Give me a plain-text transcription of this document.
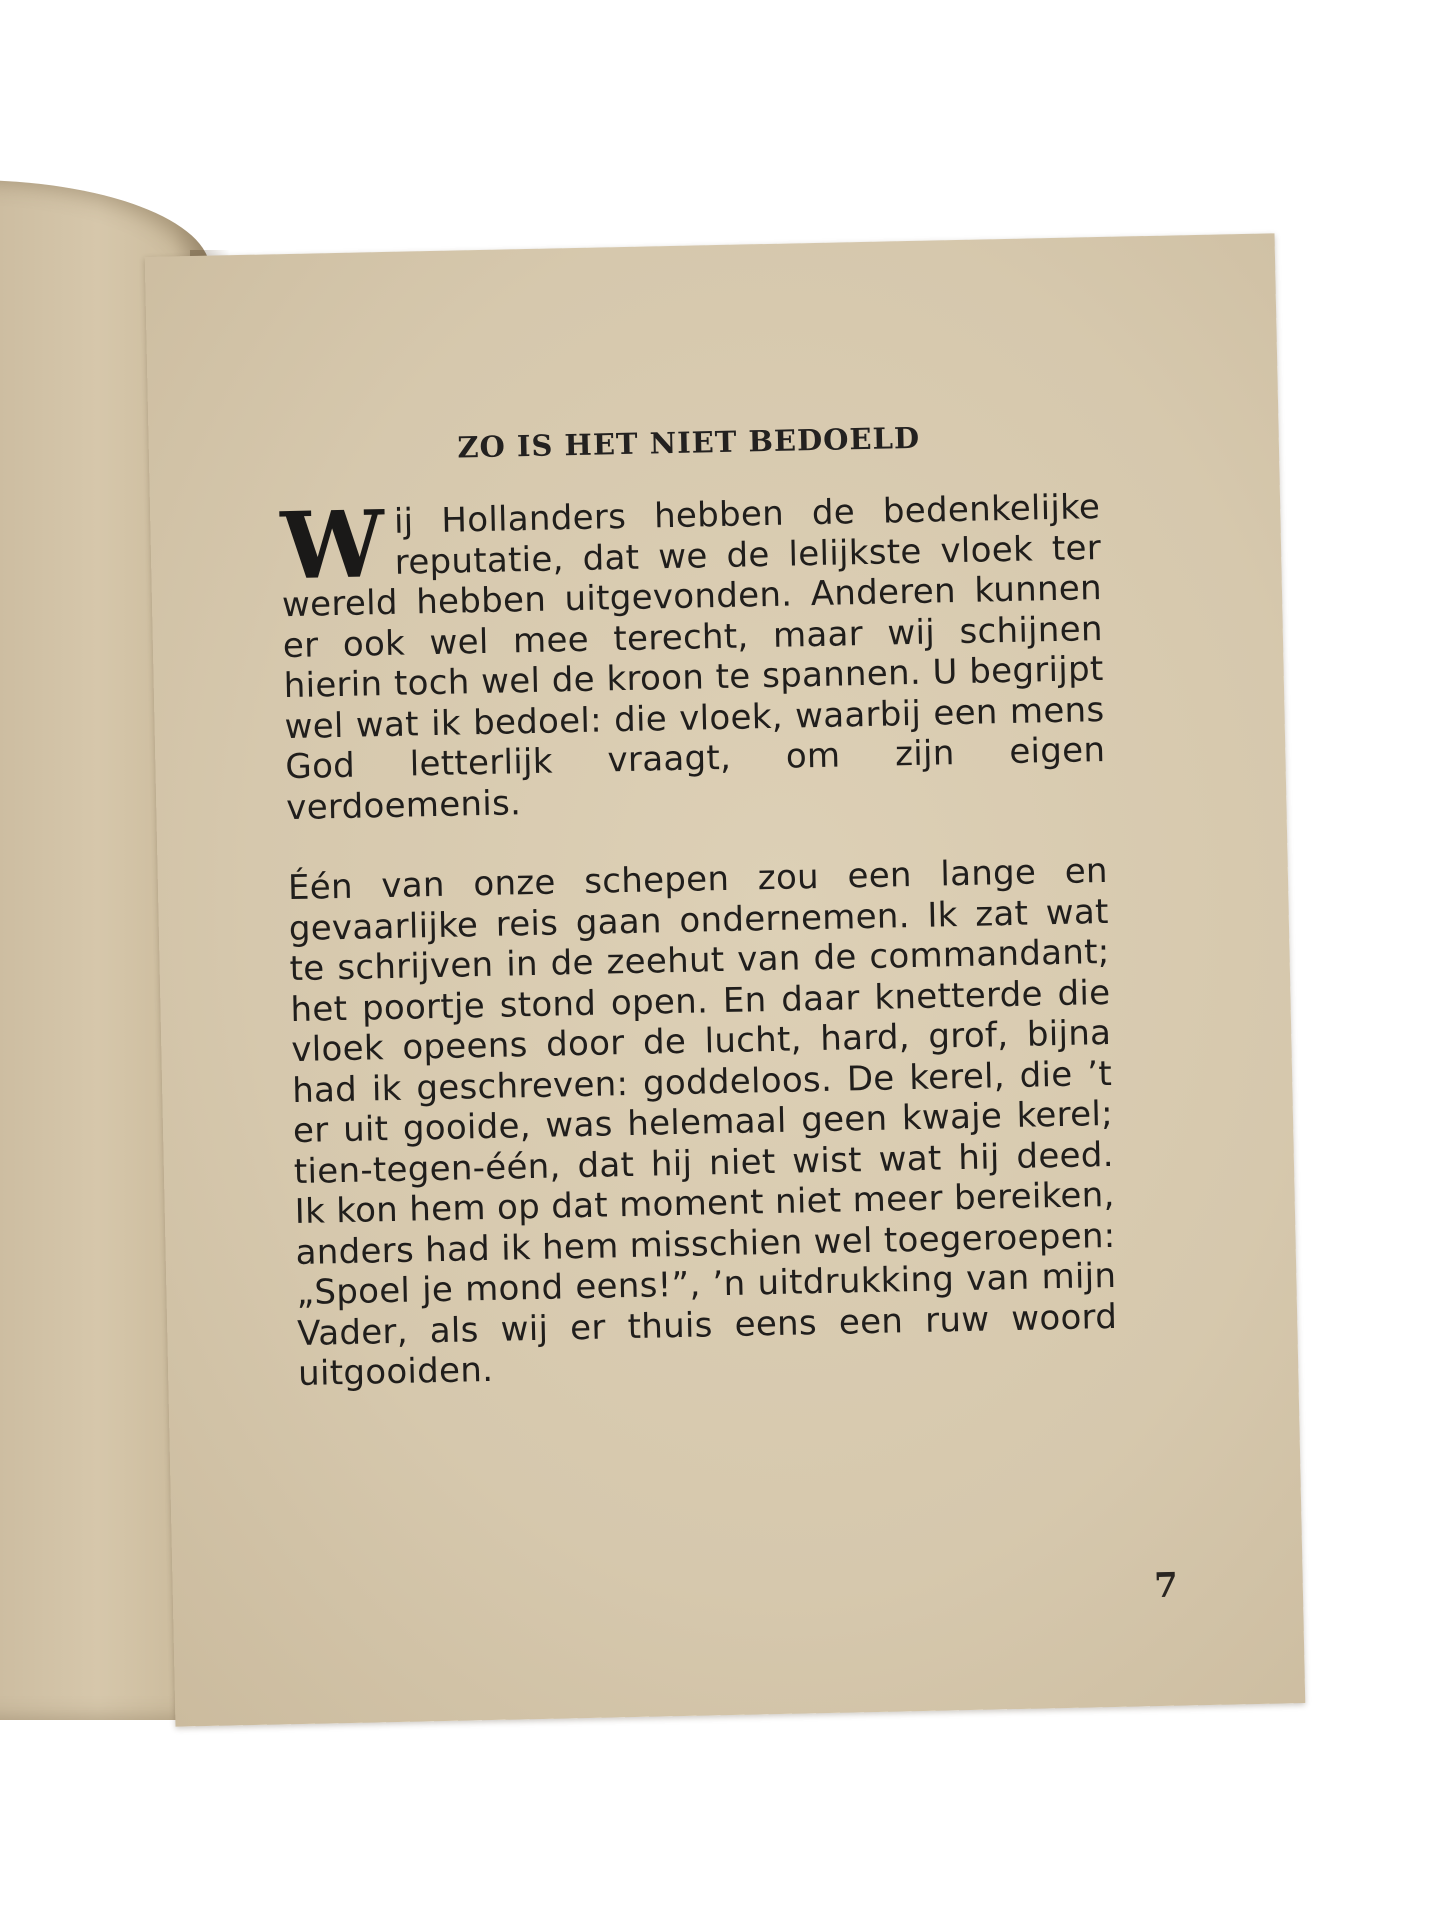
ZO IS HET NIET BEDOELD

Wij Hollanders hebben de bedenkelijke reputatie, dat we de lelijkste vloek ter wereld hebben uitgevonden. Anderen kunnen er ook wel mee terecht, maar wij schijnen hierin toch wel de kroon te spannen. U begrijpt wel wat ik bedoel: die vloek, waarbij een mens God letterlijk vraagt, om zijn eigen verdoemenis.

Één van onze schepen zou een lange en gevaarlijke reis gaan ondernemen. Ik zat wat te schrijven in de zeehut van de commandant; het poortje stond open. En daar knetterde die vloek opeens door de lucht, hard, grof, bijna had ik geschreven: goddeloos. De kerel, die ’t er uit gooide, was helemaal geen kwaje kerel; tien-tegen-één, dat hij niet wist wat hij deed. Ik kon hem op dat moment niet meer bereiken, anders had ik hem misschien wel toegeroepen: „Spoel je mond eens!”, ’n uitdrukking van mijn Vader, als wij er thuis eens een ruw woord uitgooiden.

7
